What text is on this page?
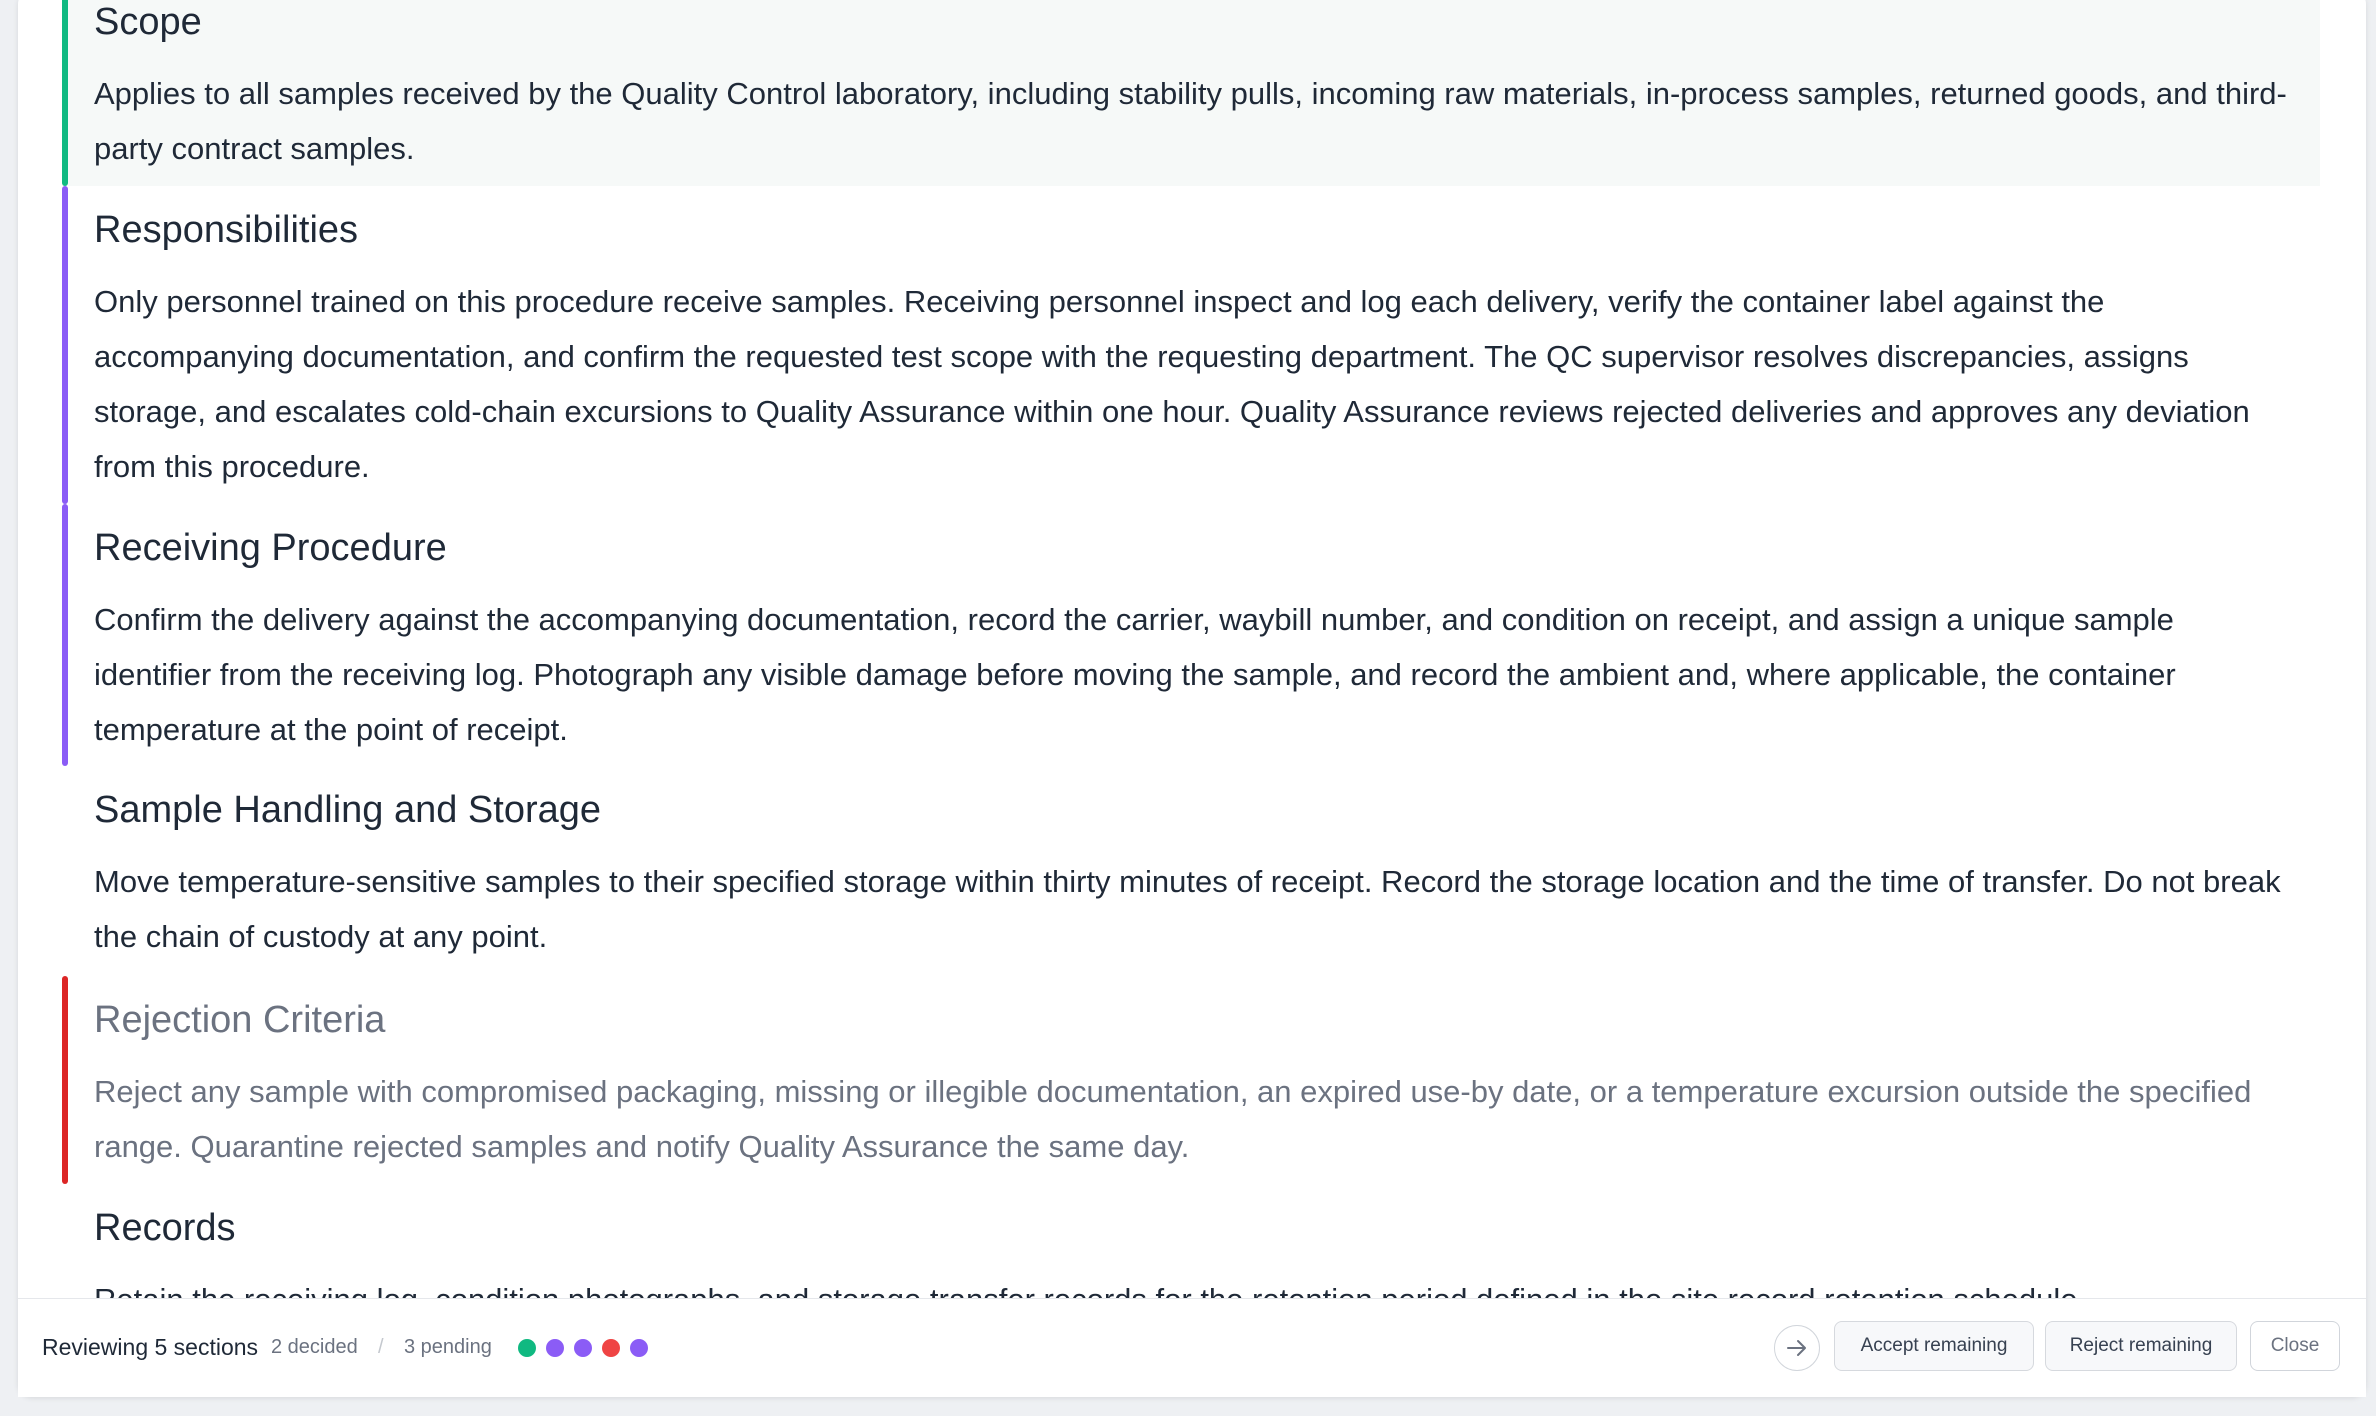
Scope

Applies to all samples received by the Quality Control laboratory, including stability pulls, incoming raw materials, in-process samples, returned goods, and third-party contract samples.

Responsibilities

Only personnel trained on this procedure receive samples. Receiving personnel inspect and log each delivery, verify the container label against the accompanying documentation, and confirm the requested test scope with the requesting department. The QC supervisor resolves discrepancies, assigns storage, and escalates cold-chain excursions to Quality Assurance within one hour. Quality Assurance reviews rejected deliveries and approves any deviation from this procedure.

Receiving Procedure

Confirm the delivery against the accompanying documentation, record the carrier, waybill number, and condition on receipt, and assign a unique sample identifier from the receiving log. Photograph any visible damage before moving the sample, and record the ambient and, where applicable, the container temperature at the point of receipt.

Sample Handling and Storage

Move temperature-sensitive samples to their specified storage within thirty minutes of receipt. Record the storage location and the time of transfer. Do not break the chain of custody at any point.

Rejection Criteria

Reject any sample with compromised packaging, missing or illegible documentation, an expired use-by date, or a temperature excursion outside the specified range. Quarantine rejected samples and notify Quality Assurance the same day.

Records

Reviewing 5 sections 2 decided / 3 pending	Accept remaining	Reject remaining	Close
